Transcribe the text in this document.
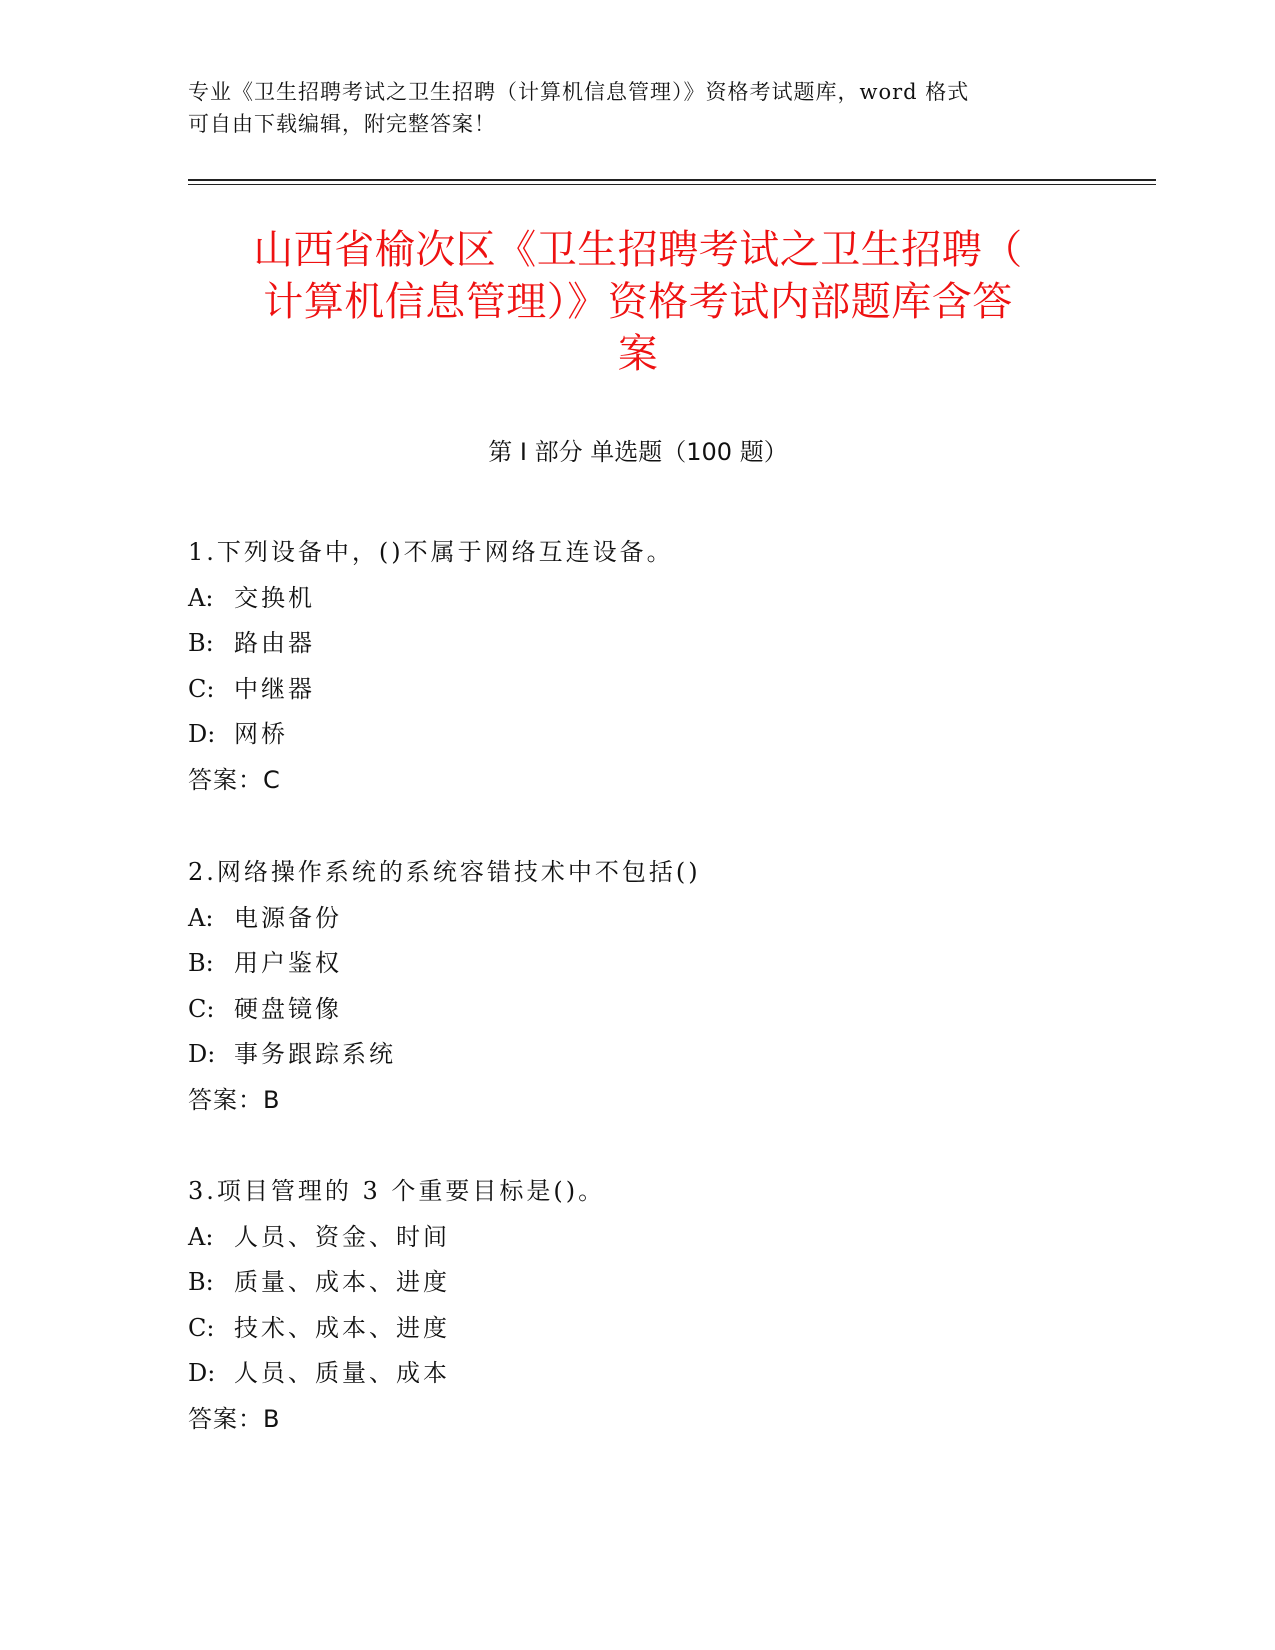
专业《卫生招聘考试之卫生招聘（计算机信息管理）》资格考试题库，word 格式
可自由下载编辑，附完整答案！
山西省榆次区《卫生招聘考试之卫生招聘（
计算机信息管理）》资格考试内部题库含答
案
第 I 部分 单选题（100 题）
1.下列设备中，()不属于网络互连设备。
A: 交换机
B: 路由器
C: 中继器
D: 网桥
答案：C
2.网络操作系统的系统容错技术中不包括()
A: 电源备份
B: 用户鉴权
C: 硬盘镜像
D: 事务跟踪系统
答案：B
3.项目管理的 3 个重要目标是()。
A: 人员、资金、时间
B: 质量、成本、进度
C: 技术、成本、进度
D: 人员、质量、成本
答案：B
